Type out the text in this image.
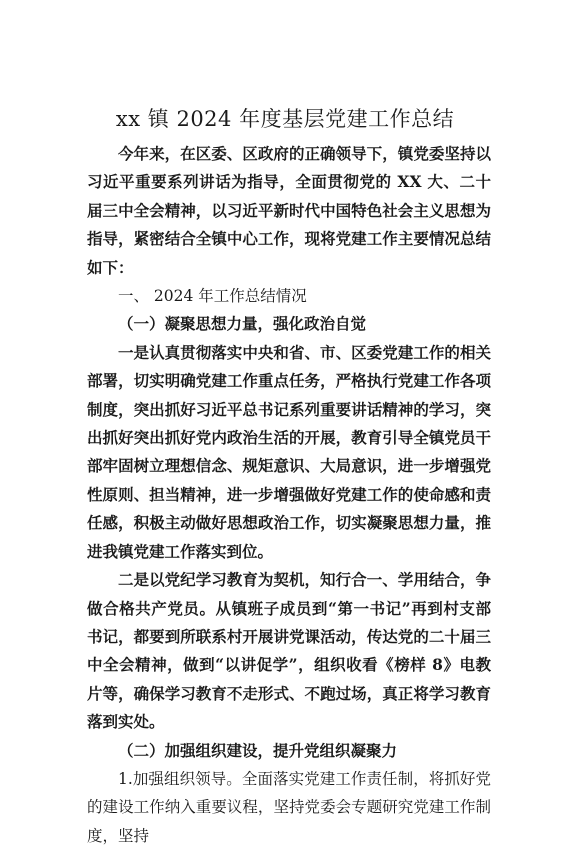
xx 镇 2024 年度基层党建工作总结

今年来，在区委、区政府的正确领导下，镇党委坚持以习近平重要系列讲话为指导，全面贯彻党的 XX 大、二十届三中全会精神，以习近平新时代中国特色社会主义思想为指导，紧密结合全镇中心工作，现将党建工作主要情况总结如下：

一、 2024 年工作总结情况

（一）凝聚思想力量，强化政治自觉

一是认真贯彻落实中央和省、市、区委党建工作的相关部署，切实明确党建工作重点任务，严格执行党建工作各项制度，突出抓好习近平总书记系列重要讲话精神的学习，突出抓好突出抓好党内政治生活的开展，教育引导全镇党员干部牢固树立理想信念、规矩意识、大局意识，进一步增强党性原则、担当精神，进一步增强做好党建工作的使命感和责任感，积极主动做好思想政治工作，切实凝聚思想力量，推进我镇党建工作落实到位。

二是以党纪学习教育为契机，知行合一、学用结合，争做合格共产党员。从镇班子成员到“第一书记”再到村支部书记，都要到所联系村开展讲党课活动，传达党的二十届三中全会精神，做到“以讲促学”，组织收看《榜样 8》电教片等，确保学习教育不走形式、不跑过场，真正将学习教育落到实处。

（二）加强组织建设，提升党组织凝聚力

1.加强组织领导。全面落实党建工作责任制，将抓好党的建设工作纳入重要议程，坚持党委会专题研究党建工作制度，坚持
